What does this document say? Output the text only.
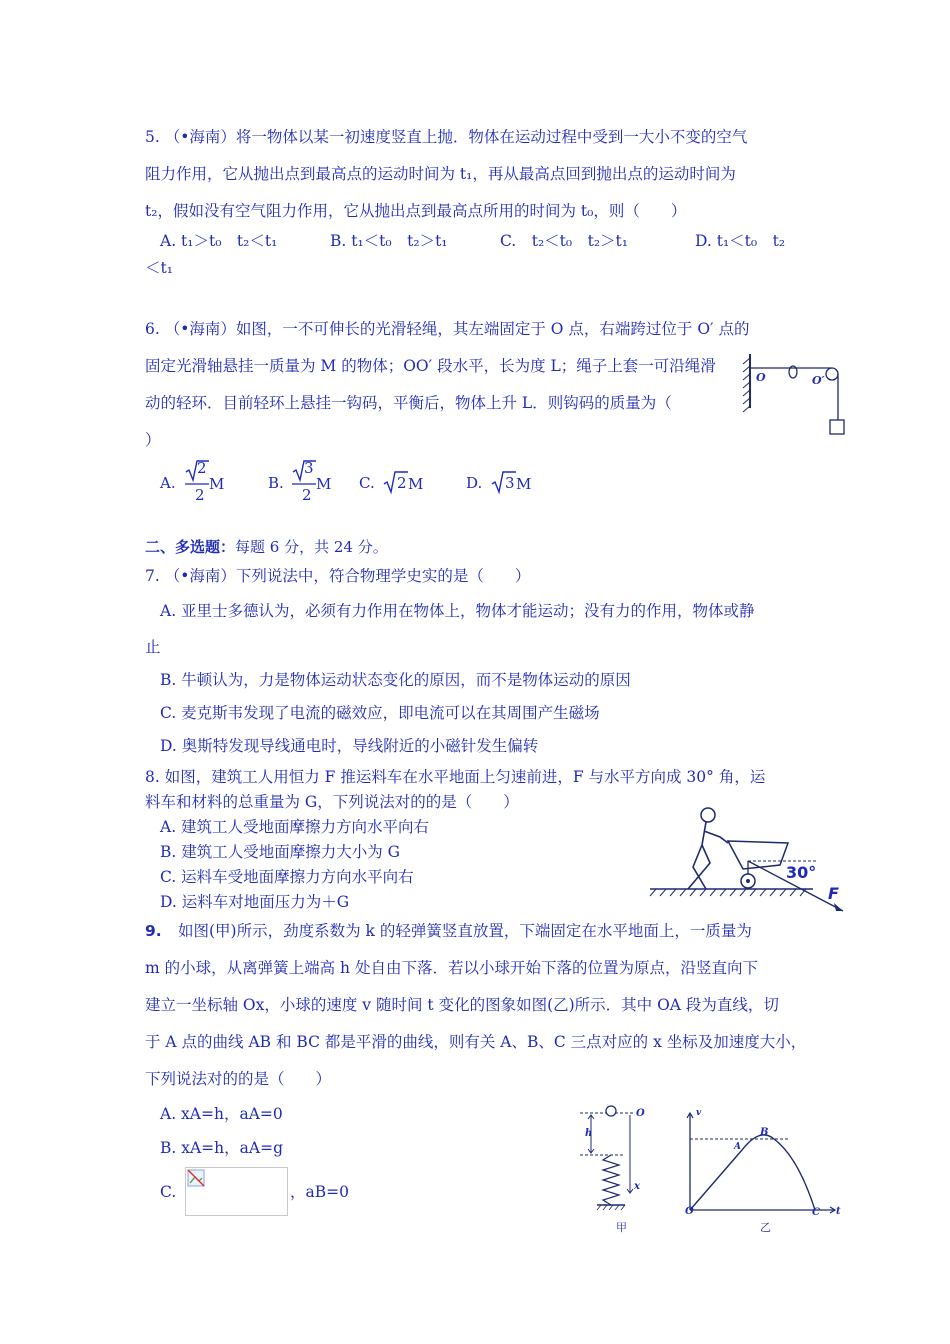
5. （•海南）将一物体以某一初速度竖直上抛．物体在运动过程中受到一大小不变的空气
阻力作用，它从抛出点到最高点的运动时间为 t₁，再从最高点回到抛出点的运动时间为
t₂，假如没有空气阻力作用，它从抛出点到最高点所用的时间为 t₀，则（　　）
A. t₁＞t₀　t₂＜t₁	B. t₁＜t₀　t₂＞t₁	C.　t₂＜t₀　t₂＞t₁	D. t₁＜t₀　t₂
＜t₁
6. （•海南）如图，一不可伸长的光滑轻绳，其左端固定于 O 点，右端跨过位于 O′ 点的
固定光滑轴悬挂一质量为 M 的物体；OO′ 段水平，长为度 L；绳子上套一可沿绳滑
动的轻环．目前轻环上悬挂一钩码，平衡后，物体上升 L．则钩码的质量为（
）
A.
2
2
M	B.
3
2
M C. 2 M	D. 3 M
O	O′
二、多选题：每题 6 分，共 24 分。
7. （•海南）下列说法中，符合物理学史实的是（　　）
A. 亚里士多德认为，必须有力作用在物体上，物体才能运动；没有力的作用，物体或静
止
B. 牛顿认为，力是物体运动状态变化的原因，而不是物体运动的原因
C. 麦克斯韦发现了电流的磁效应，即电流可以在其周围产生磁场
D. 奥斯特发现导线通电时，导线附近的小磁针发生偏转
8. 如图，建筑工人用恒力 F 推运料车在水平地面上匀速前进，F 与水平方向成 30° 角，运
料车和材料的总重量为 G，下列说法对的的是（　　）
A. 建筑工人受地面摩擦力方向水平向右
B. 建筑工人受地面摩擦力大小为 G
C. 运料车受地面摩擦力方向水平向右
D. 运料车对地面压力为＋G
30°
F
9. 如图(甲)所示，劲度系数为 k 的轻弹簧竖直放置，下端固定在水平地面上，一质量为
m 的小球，从离弹簧上端高 h 处自由下落．若以小球开始下落的位置为原点，沿竖直向下
建立一坐标轴 Ox，小球的速度 v 随时间 t 变化的图象如图(乙)所示．其中 OA 段为直线，切
于 A 点的曲线 AB 和 BC 都是平滑的曲线，则有关 A、B、C 三点对应的 x 坐标及加速度大小，
下列说法对的的是（　　）
A. xA=h，aA=0
B. xA=h，aA=g
C.	，aB=0
O
h
x
甲
v
A
B
O	C t
乙
